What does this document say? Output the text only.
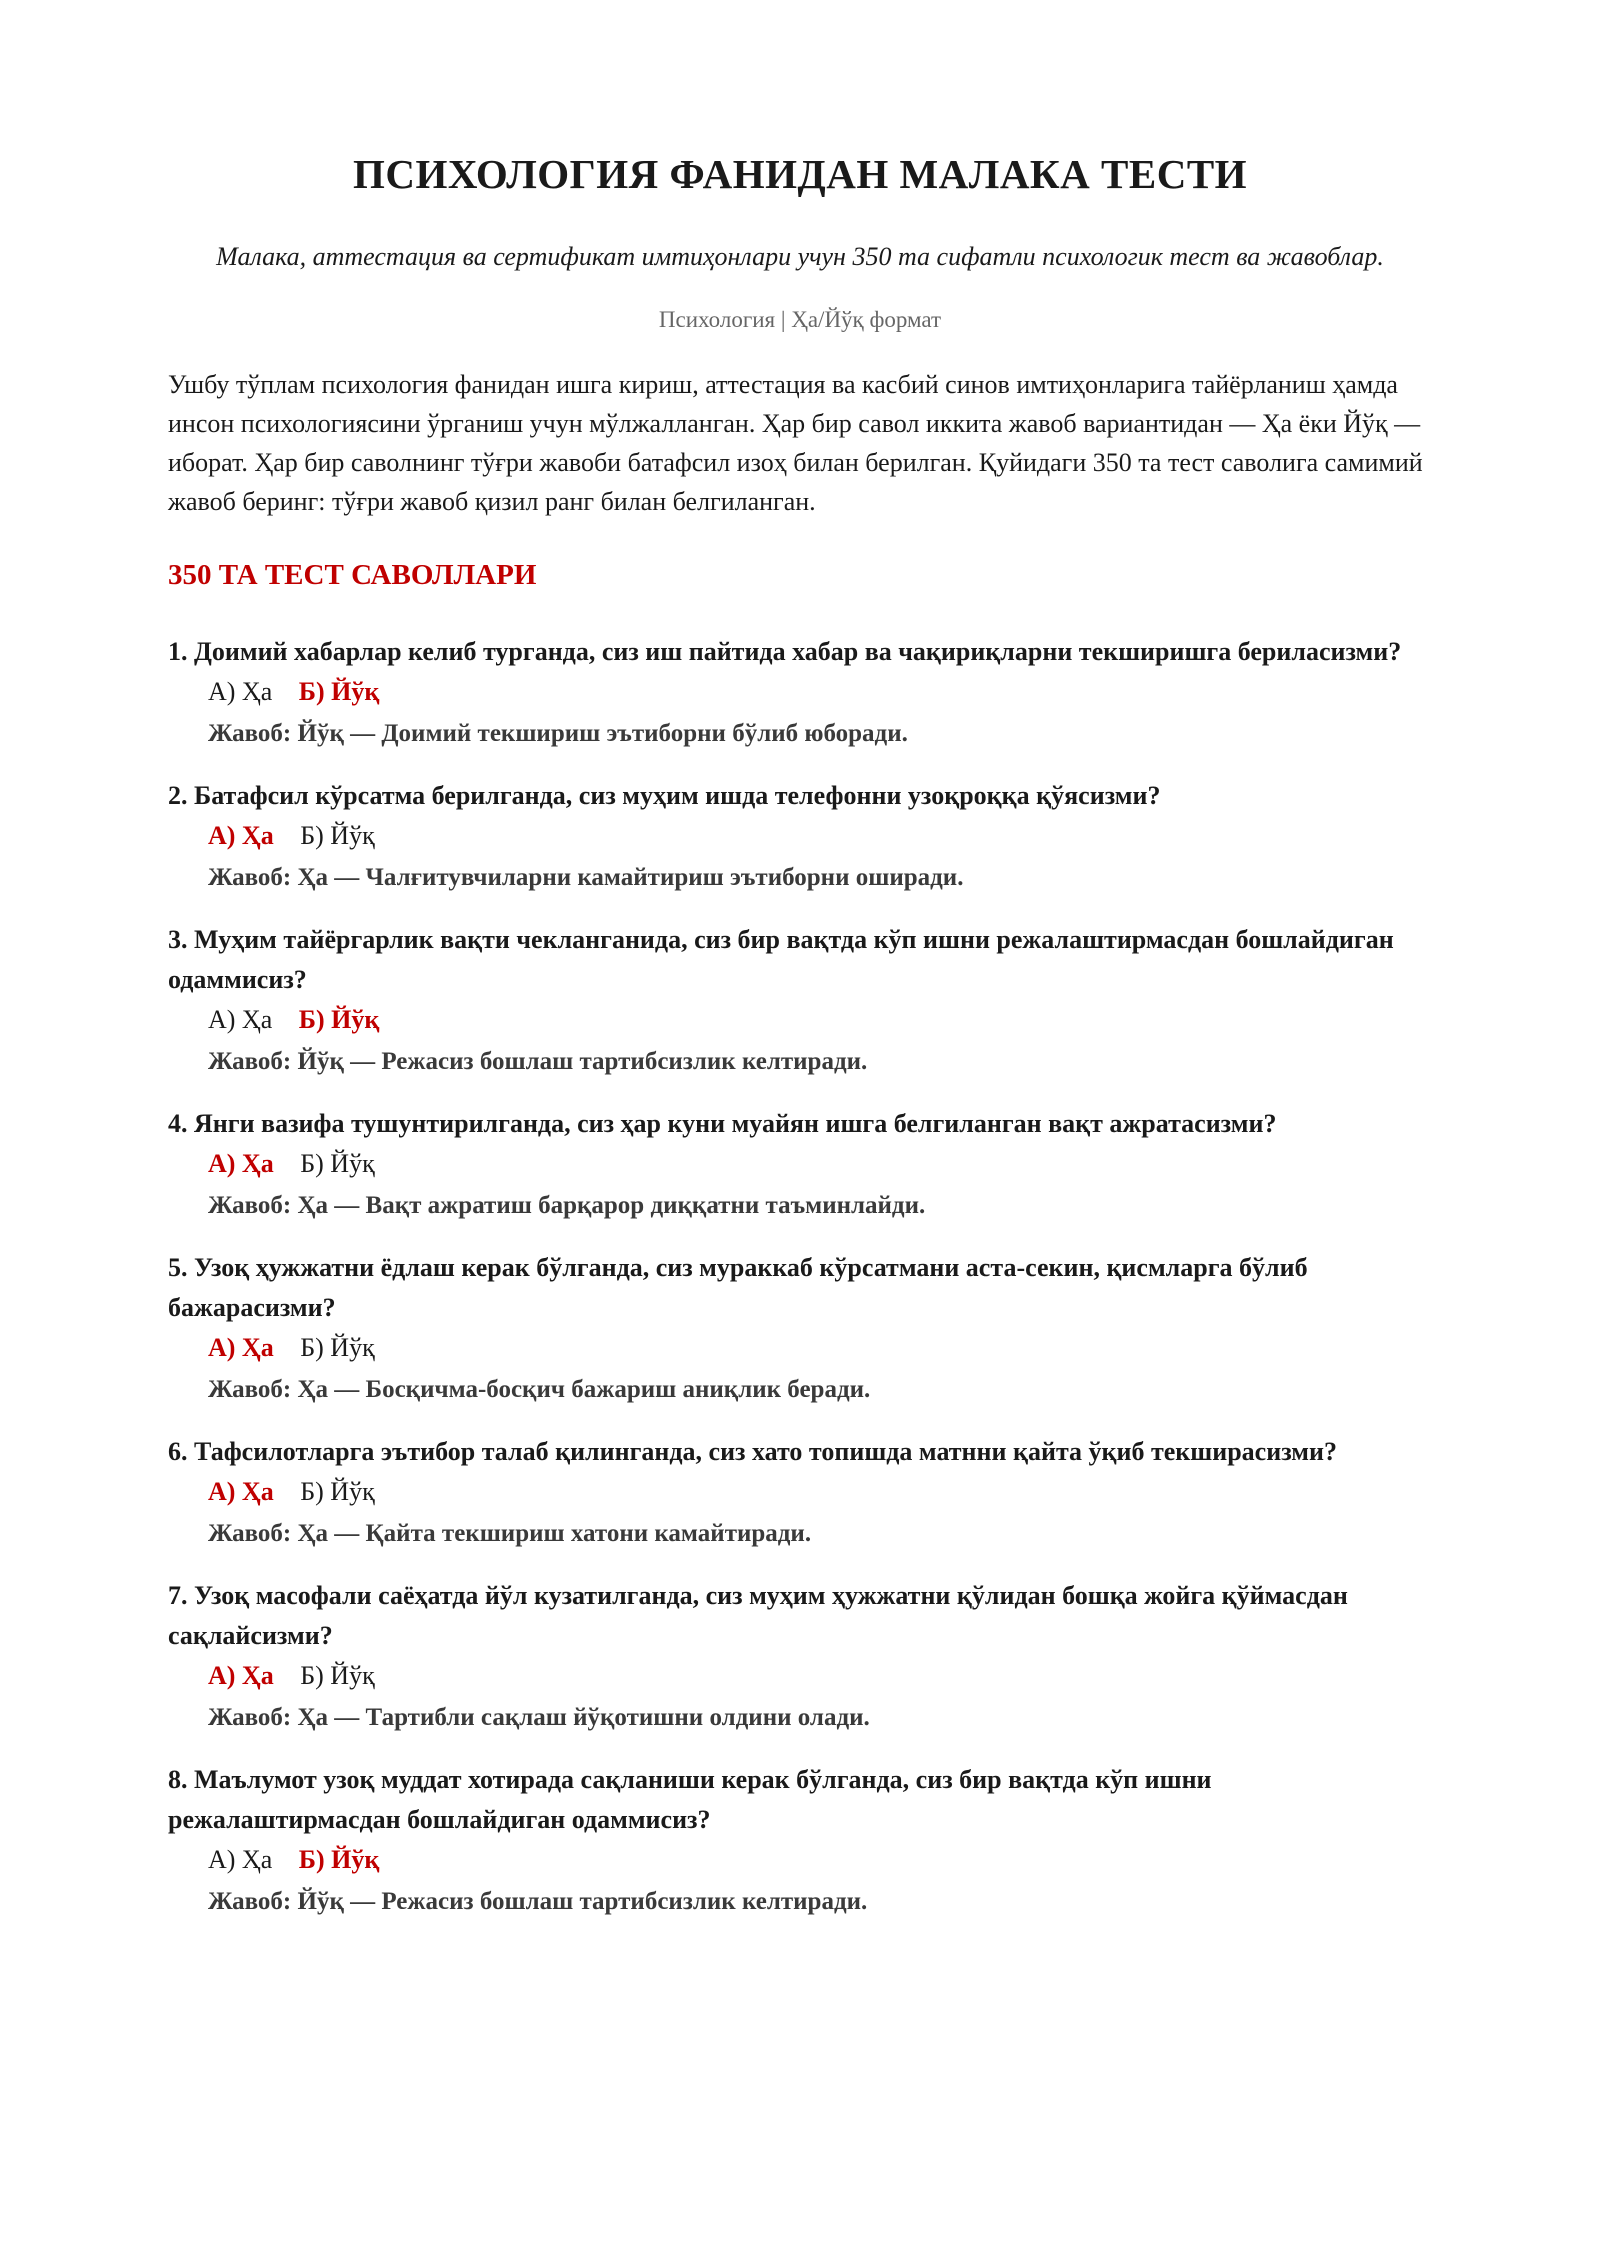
ПСИХОЛОГИЯ ФАНИДАН МАЛАКА ТЕСТИ

Малака, аттестация ва сертификат имтиҳонлари учун 350 та сифатли психологик тест ва жавоблар.

Психология | Ҳа/Йўқ формат

Ушбу тўплам психология фанидан ишга кириш, аттестация ва касбий синов имтиҳонларига тайёрланиш ҳамда инсон психологиясини ўрганиш учун мўлжалланган. Ҳар бир савол иккита жавоб вариантидан — Ҳа ёки Йўқ — иборат. Ҳар бир саволнинг тўғри жавоби батафсил изоҳ билан берилган. Қуйидаги 350 та тест саволига самимий жавоб беринг: тўғри жавоб қизил ранг билан белгиланган.

350 ТА ТЕСТ САВОЛЛАРИ
1. Доимий хабарлар келиб турганда, сиз иш пайтида хабар ва чақириқларни текширишга бериласизми?
А) Ҳа Б) Йўқ
Жавоб: Йўқ — Доимий текшириш эътиборни бўлиб юборади.
2. Батафсил кўрсатма берилганда, сиз муҳим ишда телефонни узоқроққа қўясизми?
А) Ҳа Б) Йўқ
Жавоб: Ҳа — Чалғитувчиларни камайтириш эътиборни оширади.
3. Муҳим тайёргарлик вақти чекланганида, сиз бир вақтда кўп ишни режалаштирмасдан бошлайдиган одаммисиз?
А) Ҳа Б) Йўқ
Жавоб: Йўқ — Режасиз бошлаш тартибсизлик келтиради.
4. Янги вазифа тушунтирилганда, сиз ҳар куни муайян ишга белгиланган вақт ажратасизми?
А) Ҳа Б) Йўқ
Жавоб: Ҳа — Вақт ажратиш барқарор диққатни таъминлайди.
5. Узоқ ҳужжатни ёдлаш керак бўлганда, сиз мураккаб кўрсатмани аста-секин, қисмларга бўлиб бажарасизми?
А) Ҳа Б) Йўқ
Жавоб: Ҳа — Босқичма-босқич бажариш аниқлик беради.
6. Тафсилотларга эътибор талаб қилинганда, сиз хато топишда матнни қайта ўқиб текширасизми?
А) Ҳа Б) Йўқ
Жавоб: Ҳа — Қайта текшириш хатони камайтиради.
7. Узоқ масофали саёҳатда йўл кузатилганда, сиз муҳим ҳужжатни қўлидан бошқа жойга қўймасдан сақлайсизми?
А) Ҳа Б) Йўқ
Жавоб: Ҳа — Тартибли сақлаш йўқотишни олдини олади.
8. Маълумот узоқ муддат хотирада сақланиши керак бўлганда, сиз бир вақтда кўп ишни режалаштирмасдан бошлайдиган одаммисиз?
А) Ҳа Б) Йўқ
Жавоб: Йўқ — Режасиз бошлаш тартибсизлик келтиради.
